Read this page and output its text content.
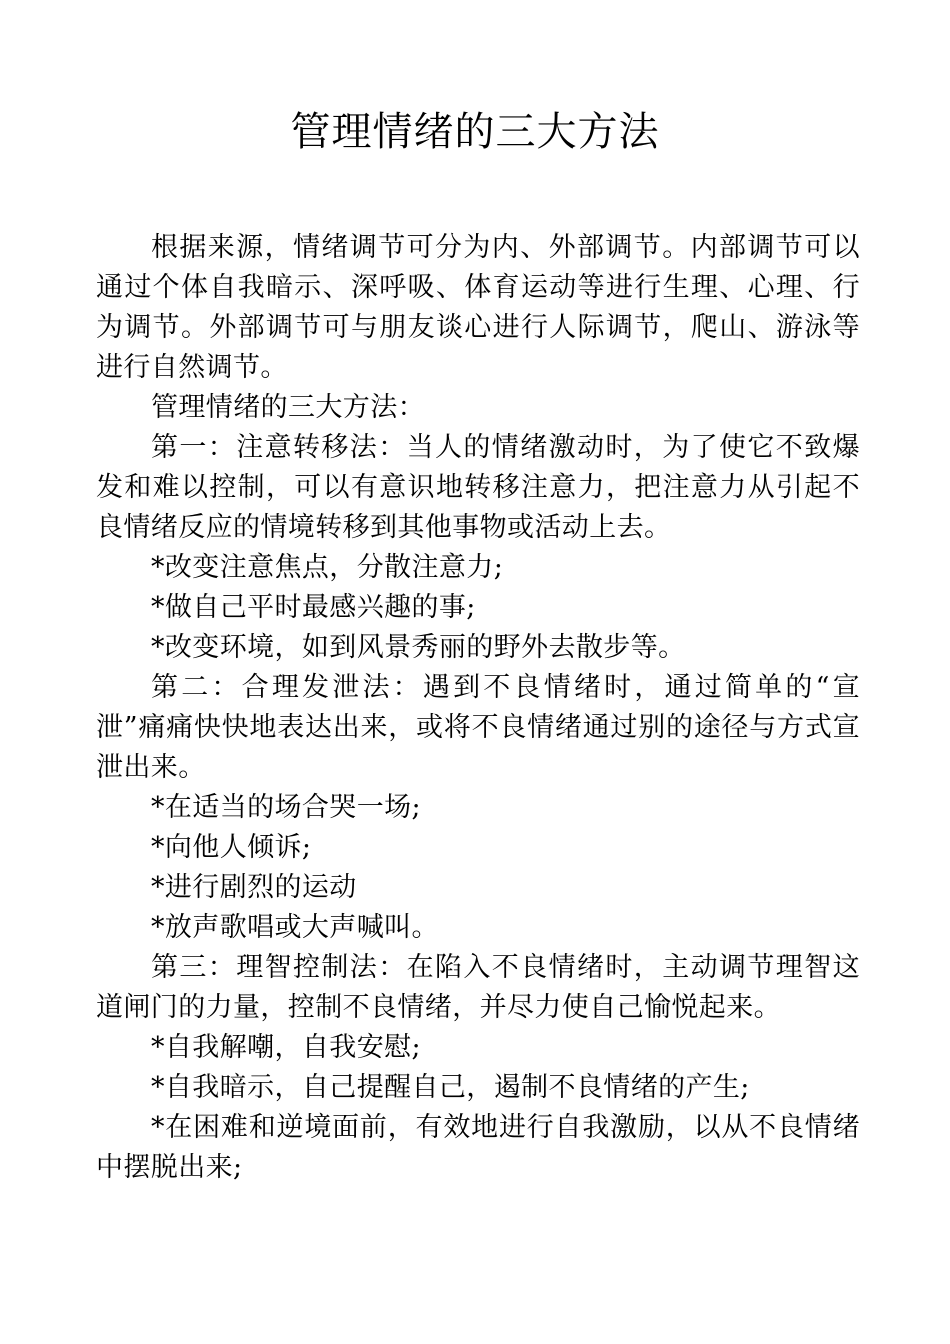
管理情绪的三大方法

根据来源，情绪调节可分为内、外部调节。内部调节可以通过个体自我暗示、深呼吸、体育运动等进行生理、心理、行为调节。外部调节可与朋友谈心进行人际调节，爬山、游泳等进行自然调节。

管理情绪的三大方法：

第一：注意转移法：当人的情绪激动时，为了使它不致爆发和难以控制，可以有意识地转移注意力，把注意力从引起不良情绪反应的情境转移到其他事物或活动上去。

*改变注意焦点，分散注意力;

*做自己平时最感兴趣的事;

*改变环境，如到风景秀丽的野外去散步等。

第二：合理发泄法：遇到不良情绪时，通过简单的“宣泄”痛痛快快地表达出来，或将不良情绪通过别的途径与方式宣泄出来。

*在适当的场合哭一场;

*向他人倾诉;

*进行剧烈的运动

*放声歌唱或大声喊叫。

第三：理智控制法：在陷入不良情绪时，主动调节理智这道闸门的力量，控制不良情绪，并尽力使自己愉悦起来。

*自我解嘲，自我安慰;

*自我暗示，自己提醒自己，遏制不良情绪的产生;

*在困难和逆境面前，有效地进行自我激励，以从不良情绪中摆脱出来;
